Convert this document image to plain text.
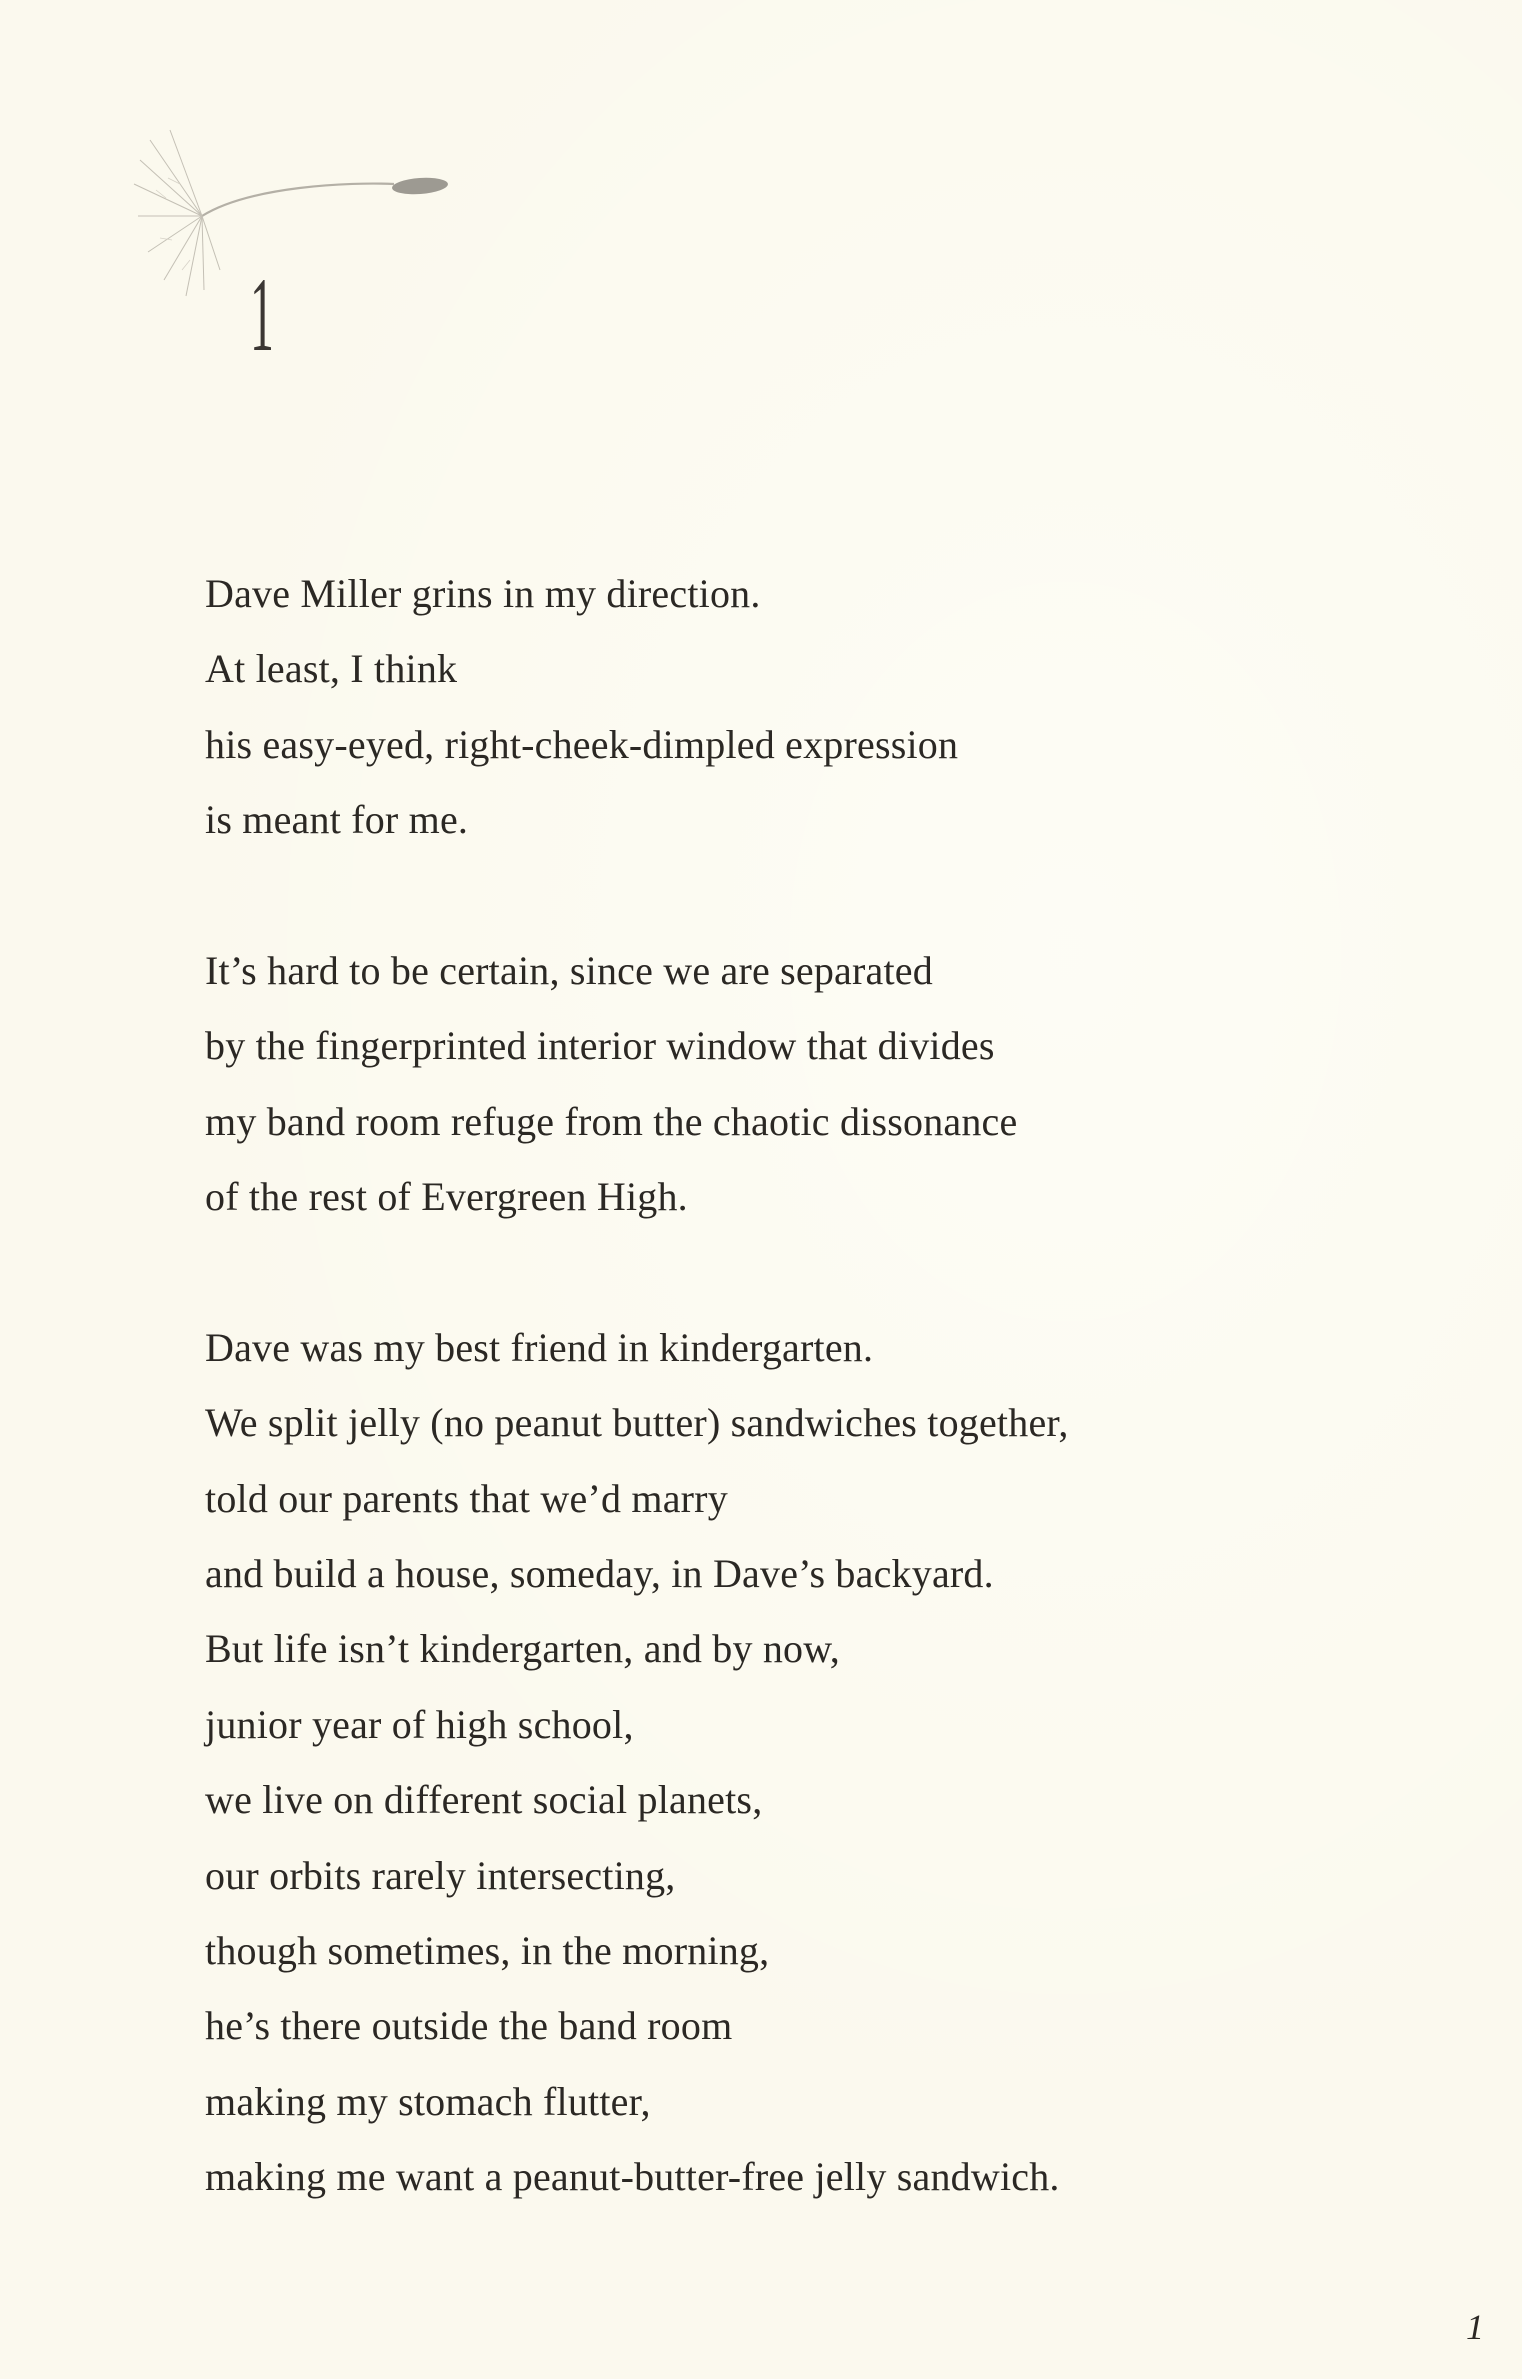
1
Dave Miller grins in my direction.
At least, I think
his easy-eyed, right-cheek-dimpled expression
is meant for me.
It’s hard to be certain, since we are separated
by the fingerprinted interior window that divides
my band room refuge from the chaotic dissonance
of the rest of Evergreen High.
Dave was my best friend in kindergarten.
We split jelly (no peanut butter) sandwiches together,
told our parents that we’d marry
and build a house, someday, in Dave’s backyard.
But life isn’t kindergarten, and by now,
junior year of high school,
we live on different social planets,
our orbits rarely intersecting,
though sometimes, in the morning,
he’s there outside the band room
making my stomach flutter,
making me want a peanut-butter-free jelly sandwich.
1
